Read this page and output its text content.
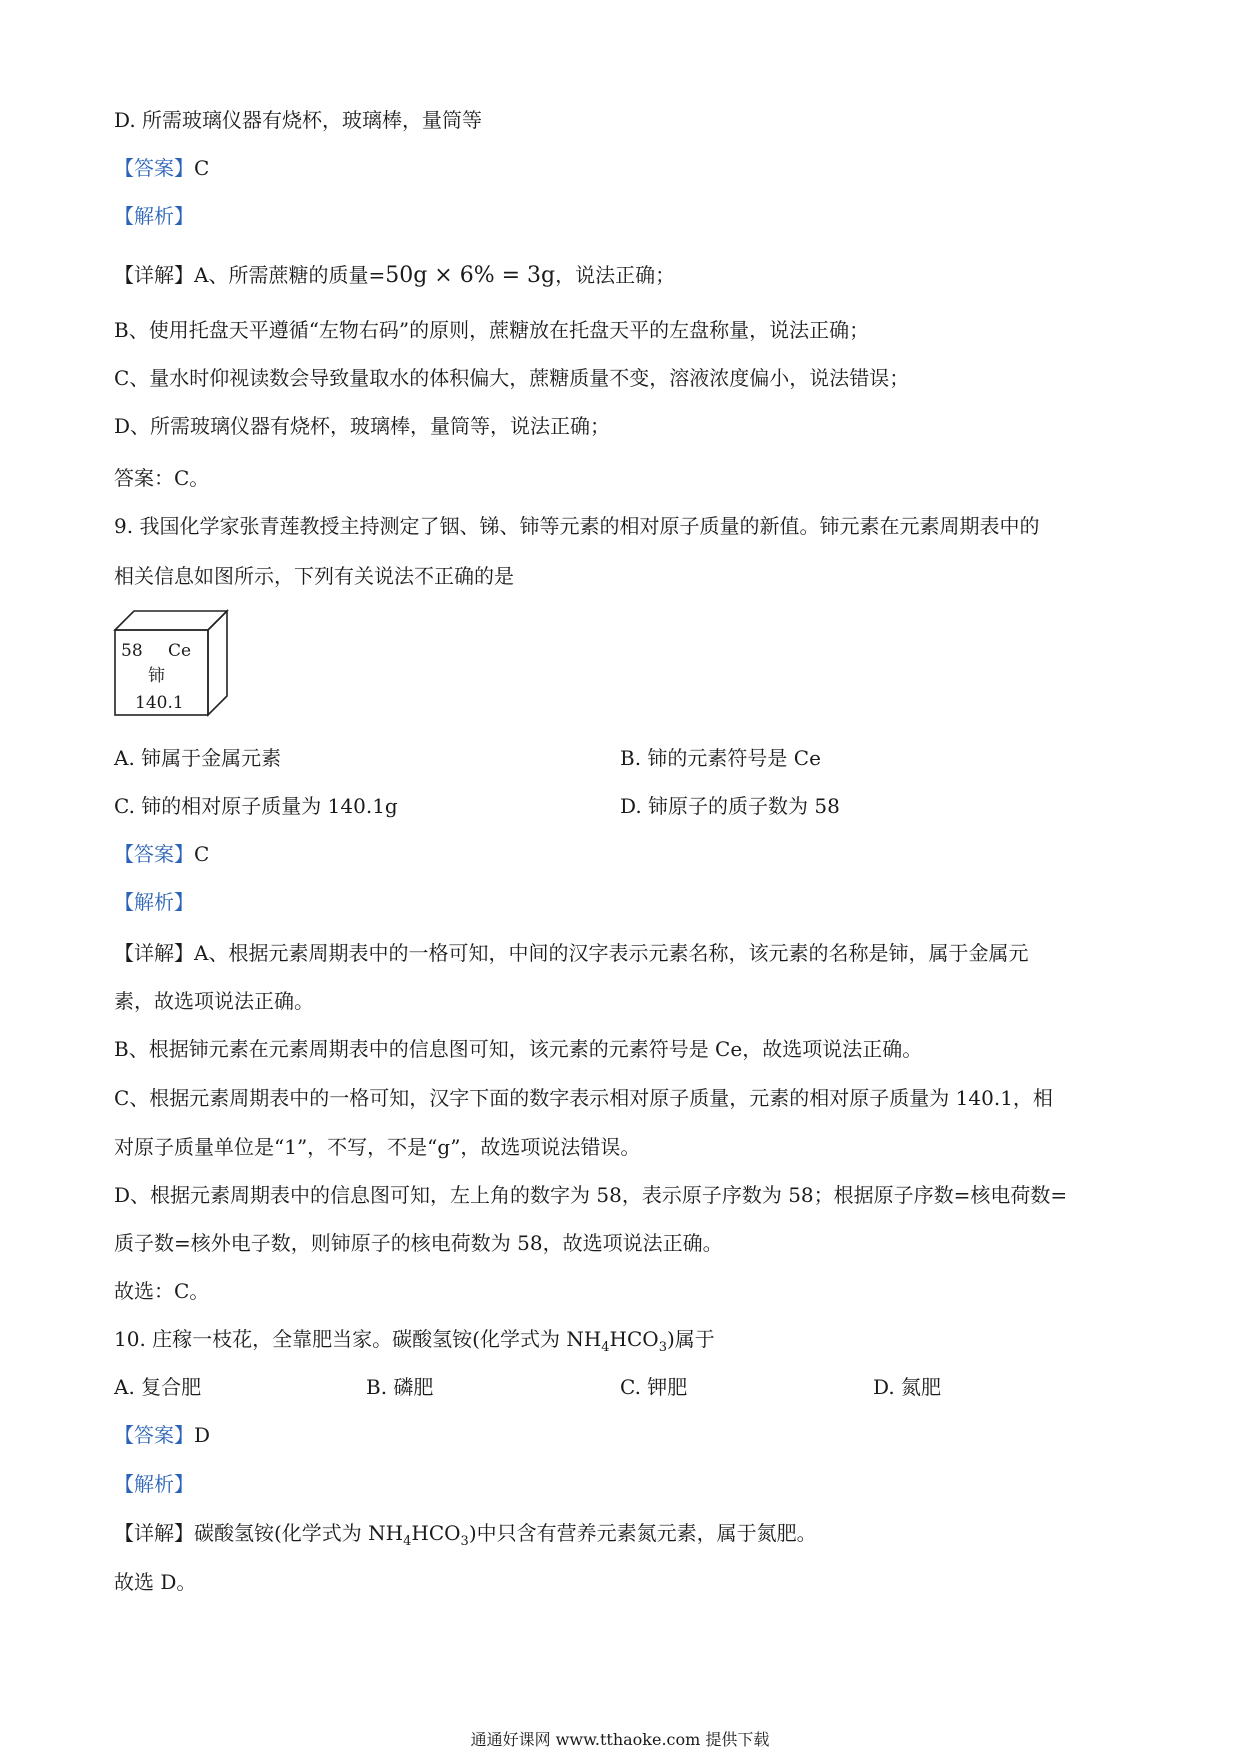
D. 所需玻璃仪器有烧杯，玻璃棒，量筒等
【答案】C
【解析】
【详解】A、所需蔗糖的质量=50g × 6% = 3g，说法正确；
B、使用托盘天平遵循“左物右码”的原则，蔗糖放在托盘天平的左盘称量，说法正确；
C、量水时仰视读数会导致量取水的体积偏大，蔗糖质量不变，溶液浓度偏小，说法错误；
D、所需玻璃仪器有烧杯，玻璃棒，量筒等，说法正确；
答案：C。
9. 我国化学家张青莲教授主持测定了铟、锑、铈等元素的相对原子质量的新值。铈元素在元素周期表中的
相关信息如图所示，下列有关说法不正确的是
58 Ce
铈
140.1
A. 铈属于金属元素	B. 铈的元素符号是 Ce
C. 铈的相对原子质量为 140.1g	D. 铈原子的质子数为 58
【答案】C
【解析】
【详解】A、根据元素周期表中的一格可知，中间的汉字表示元素名称，该元素的名称是铈，属于金属元
素，故选项说法正确。
B、根据铈元素在元素周期表中的信息图可知，该元素的元素符号是 Ce，故选项说法正确。
C、根据元素周期表中的一格可知，汉字下面的数字表示相对原子质量，元素的相对原子质量为 140.1，相
对原子质量单位是“1”，不写，不是“g”，故选项说法错误。
D、根据元素周期表中的信息图可知，左上角的数字为 58，表示原子序数为 58；根据原子序数=核电荷数=
质子数=核外电子数，则铈原子的核电荷数为 58，故选项说法正确。
故选：C。
10. 庄稼一枝花，全靠肥当家。碳酸氢铵(化学式为 $NH_4HCO_3$)属于
A. 复合肥	B. 磷肥	C. 钾肥	D. 氮肥
【答案】D
【解析】
【详解】碳酸氢铵(化学式为 $NH_4HCO_3$)中只含有营养元素氮元素，属于氮肥。
故选 D。
通通好课网 www.tthaoke.com 提供下载
